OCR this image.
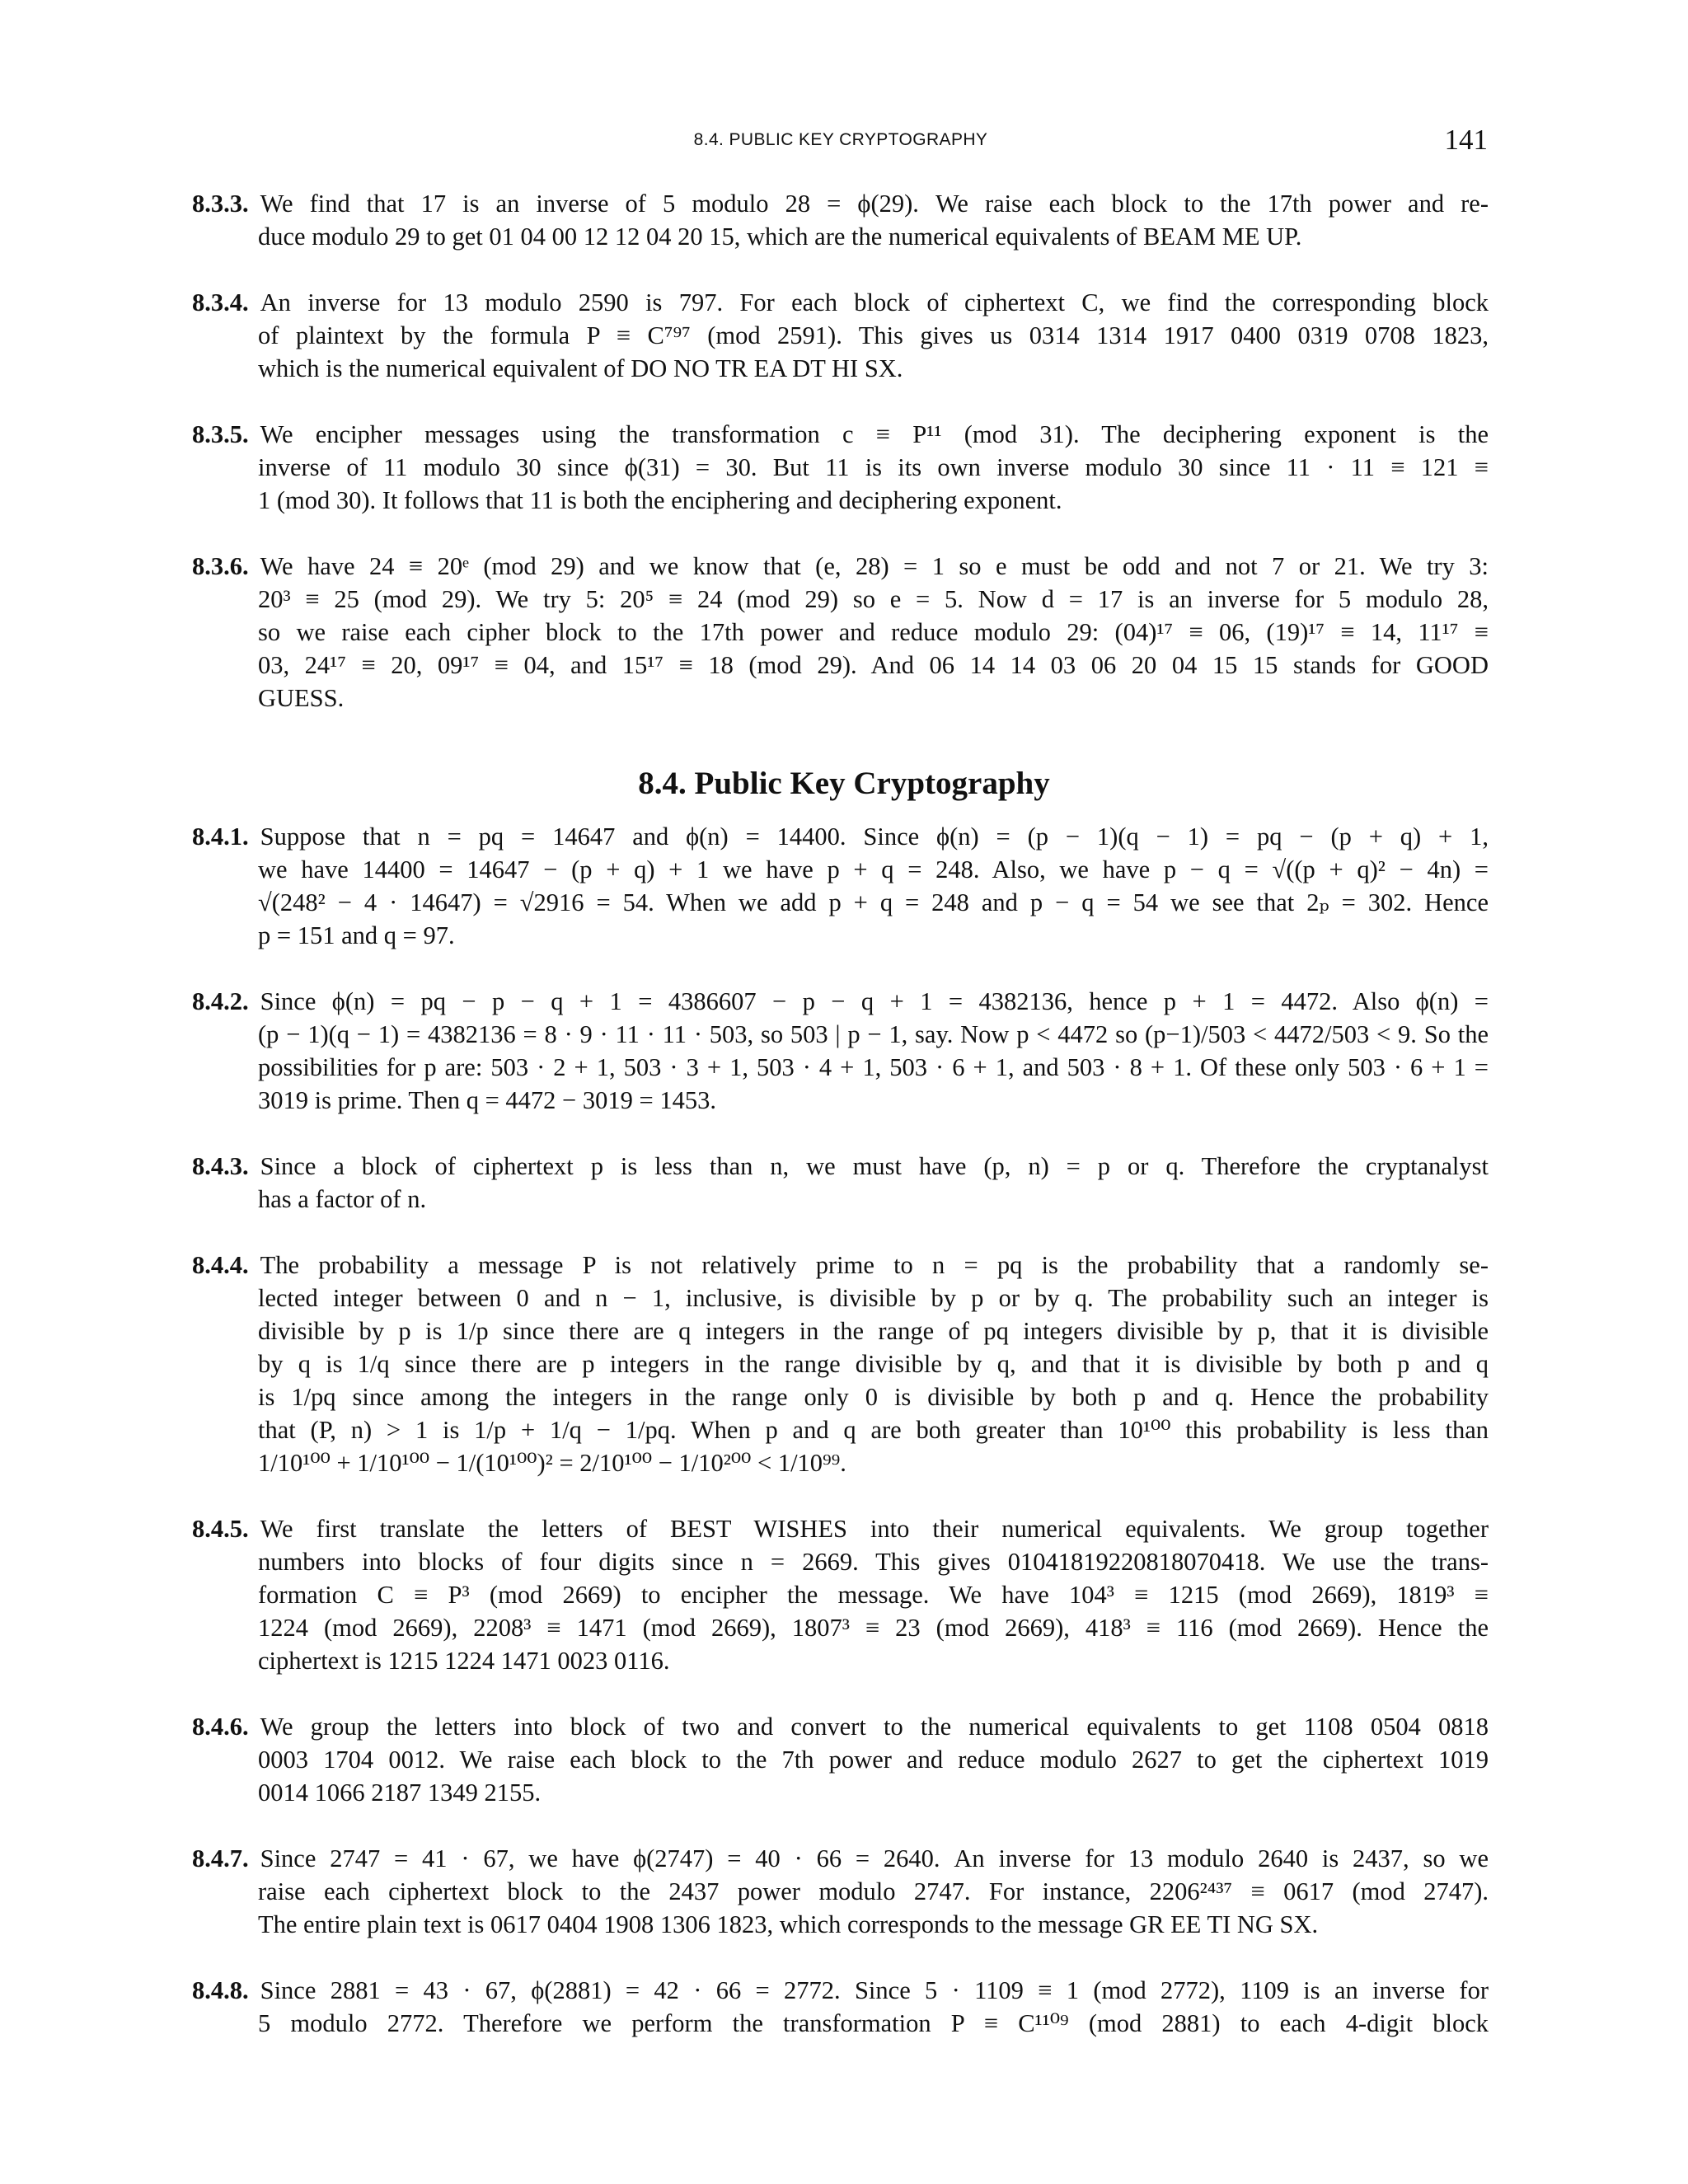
8.4. PUBLIC KEY CRYPTOGRAPHY	141
8.3.3. We find that 17 is an inverse of 5 modulo 28 = ϕ(29). We raise each block to the 17th power and re-
duce modulo 29 to get 01 04 00 12 12 04 20 15, which are the numerical equivalents of BEAM ME UP.
8.3.4. An inverse for 13 modulo 2590 is 797. For each block of ciphertext C, we find the corresponding block
of plaintext by the formula P ≡ C⁷⁹⁷ (mod 2591). This gives us 0314 1314 1917 0400 0319 0708 1823,
which is the numerical equivalent of DO NO TR EA DT HI SX.
8.3.5. We encipher messages using the transformation c ≡ P¹¹ (mod 31). The deciphering exponent is the
inverse of 11 modulo 30 since ϕ(31) = 30. But 11 is its own inverse modulo 30 since 11 · 11 ≡ 121 ≡
1 (mod 30). It follows that 11 is both the enciphering and deciphering exponent.
8.3.6. We have 24 ≡ 20ᵉ (mod 29) and we know that (e, 28) = 1 so e must be odd and not 7 or 21. We try 3:
20³ ≡ 25 (mod 29). We try 5: 20⁵ ≡ 24 (mod 29) so e = 5. Now d = 17 is an inverse for 5 modulo 28,
so we raise each cipher block to the 17th power and reduce modulo 29: (04)¹⁷ ≡ 06, (19)¹⁷ ≡ 14, 11¹⁷ ≡
03, 24¹⁷ ≡ 20, 09¹⁷ ≡ 04, and 15¹⁷ ≡ 18 (mod 29). And 06 14 14 03 06 20 04 15 15 stands for GOOD
GUESS.
8.4. Public Key Cryptography
8.4.1. Suppose that n = pq = 14647 and ϕ(n) = 14400. Since ϕ(n) = (p − 1)(q − 1) = pq − (p + q) + 1,
we have 14400 = 14647 − (p + q) + 1 we have p + q = 248. Also, we have p − q = √((p + q)² − 4n) =
√(248² − 4 · 14647) = √2916 = 54. When we add p + q = 248 and p − q = 54 we see that 2ₚ = 302. Hence
p = 151 and q = 97.
8.4.2. Since ϕ(n) = pq − p − q + 1 = 4386607 − p − q + 1 = 4382136, hence p + 1 = 4472. Also ϕ(n) =
(p − 1)(q − 1) = 4382136 = 8 · 9 · 11 · 11 · 503, so 503 | p − 1, say. Now p < 4472 so (p−1)/503 < 4472/503 < 9. So the
possibilities for p are: 503 · 2 + 1, 503 · 3 + 1, 503 · 4 + 1, 503 · 6 + 1, and 503 · 8 + 1. Of these only 503 · 6 + 1 =
3019 is prime. Then q = 4472 − 3019 = 1453.
8.4.3. Since a block of ciphertext p is less than n, we must have (p, n) = p or q. Therefore the cryptanalyst
has a factor of n.
8.4.4. The probability a message P is not relatively prime to n = pq is the probability that a randomly se-
lected integer between 0 and n − 1, inclusive, is divisible by p or by q. The probability such an integer is
divisible by p is 1/p since there are q integers in the range of pq integers divisible by p, that it is divisible
by q is 1/q since there are p integers in the range divisible by q, and that it is divisible by both p and q
is 1/pq since among the integers in the range only 0 is divisible by both p and q. Hence the probability
that (P, n) > 1 is 1/p + 1/q − 1/pq. When p and q are both greater than 10¹⁰⁰ this probability is less than
1/10¹⁰⁰ + 1/10¹⁰⁰ − 1/(10¹⁰⁰)² = 2/10¹⁰⁰ − 1/10²⁰⁰ < 1/10⁹⁹.
8.4.5. We first translate the letters of BEST WISHES into their numerical equivalents. We group together
numbers into blocks of four digits since n = 2669. This gives 01041819220818070418. We use the trans-
formation C ≡ P³ (mod 2669) to encipher the message. We have 104³ ≡ 1215 (mod 2669), 1819³ ≡
1224 (mod 2669), 2208³ ≡ 1471 (mod 2669), 1807³ ≡ 23 (mod 2669), 418³ ≡ 116 (mod 2669). Hence the
ciphertext is 1215 1224 1471 0023 0116.
8.4.6. We group the letters into block of two and convert to the numerical equivalents to get 1108 0504 0818
0003 1704 0012. We raise each block to the 7th power and reduce modulo 2627 to get the ciphertext 1019
0014 1066 2187 1349 2155.
8.4.7. Since 2747 = 41 · 67, we have ϕ(2747) = 40 · 66 = 2640. An inverse for 13 modulo 2640 is 2437, so we
raise each ciphertext block to the 2437 power modulo 2747. For instance, 2206²⁴³⁷ ≡ 0617 (mod 2747).
The entire plain text is 0617 0404 1908 1306 1823, which corresponds to the message GR EE TI NG SX.
8.4.8. Since 2881 = 43 · 67, ϕ(2881) = 42 · 66 = 2772. Since 5 · 1109 ≡ 1 (mod 2772), 1109 is an inverse for
5 modulo 2772. Therefore we perform the transformation P ≡ C¹¹⁰⁹ (mod 2881) to each 4-digit block
